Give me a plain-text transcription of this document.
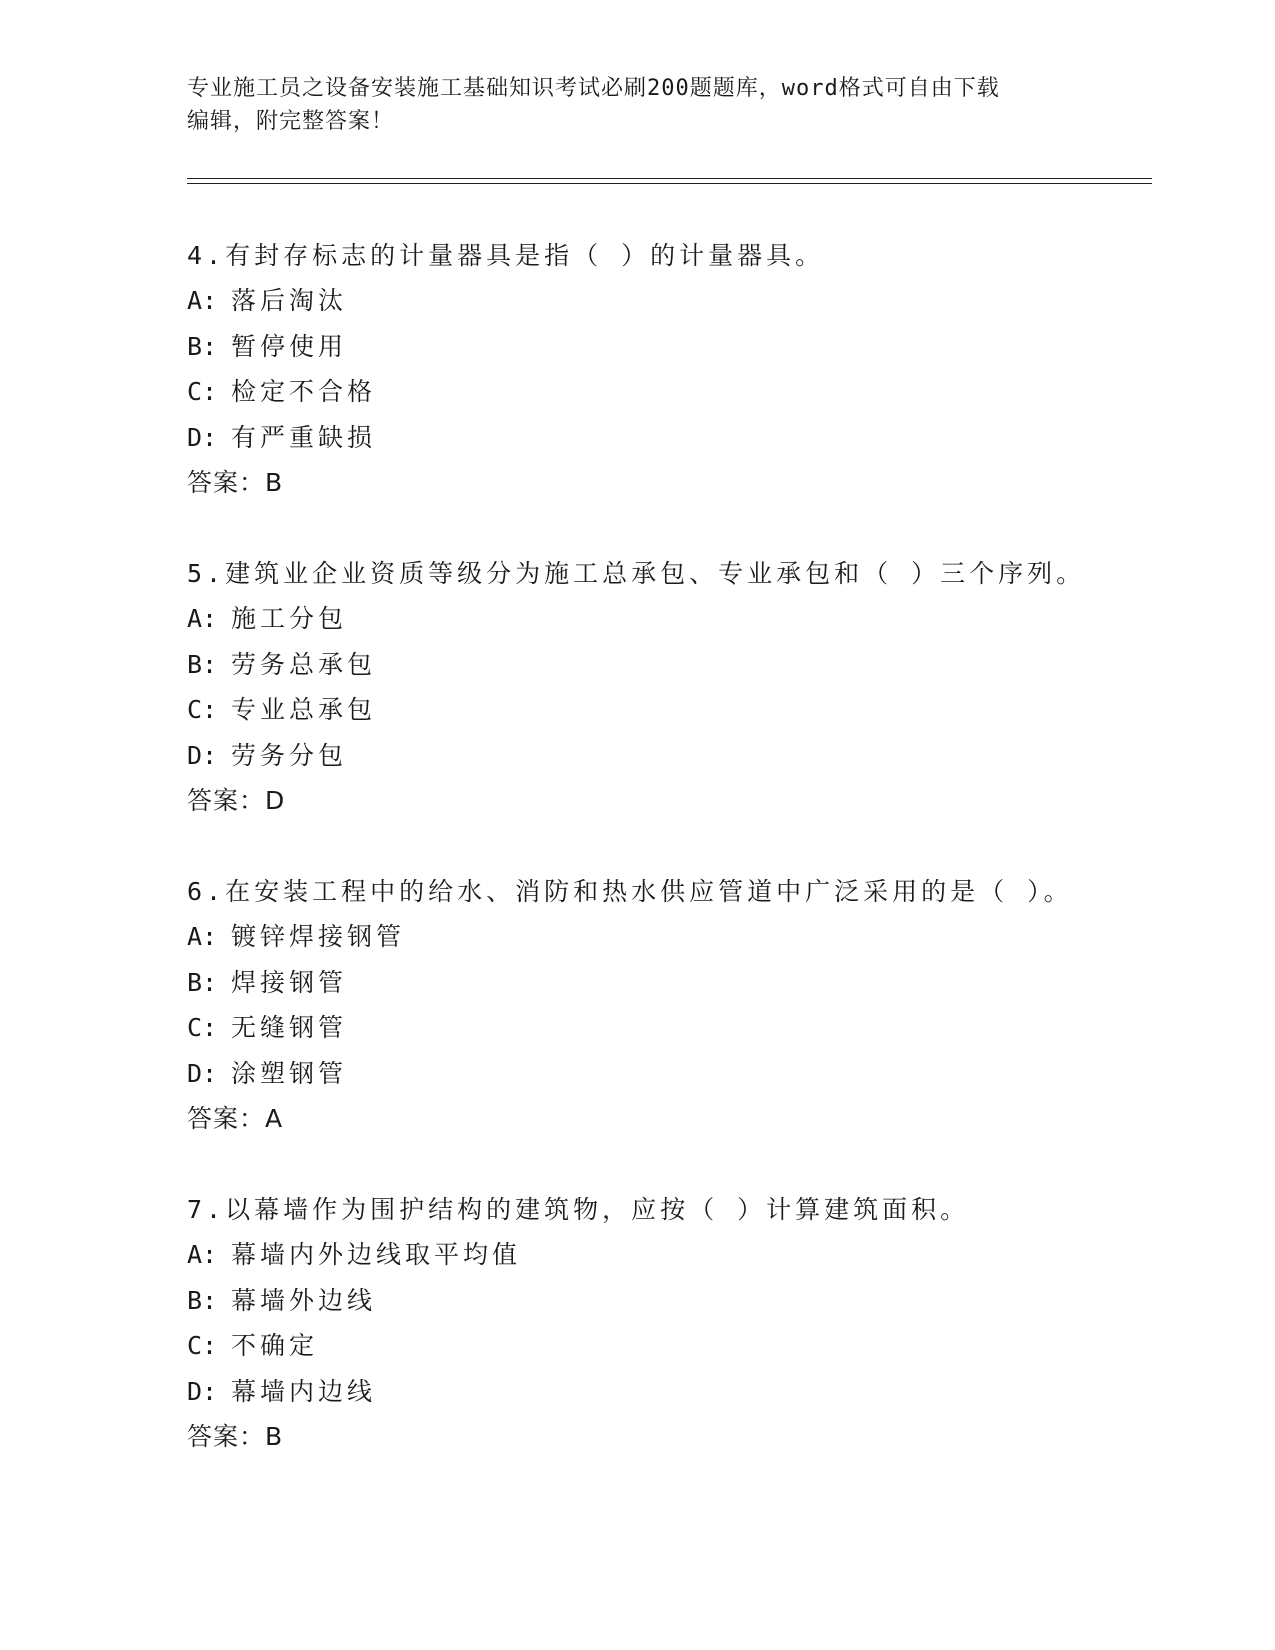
专业施工员之设备安装施工基础知识考试必刷200题题库，word格式可自由下载
编辑，附完整答案！
4.有封存标志的计量器具是指（ ）的计量器具。
A: 落后淘汰
B: 暂停使用
C: 检定不合格
D: 有严重缺损
答案：B
5.建筑业企业资质等级分为施工总承包、专业承包和（ ）三个序列。
A: 施工分包
B: 劳务总承包
C: 专业总承包
D: 劳务分包
答案：D
6.在安装工程中的给水、消防和热水供应管道中广泛采用的是（ ）。
A: 镀锌焊接钢管
B: 焊接钢管
C: 无缝钢管
D: 涂塑钢管
答案：A
7.以幕墙作为围护结构的建筑物，应按（ ）计算建筑面积。
A: 幕墙内外边线取平均值
B: 幕墙外边线
C: 不确定
D: 幕墙内边线
答案：B
